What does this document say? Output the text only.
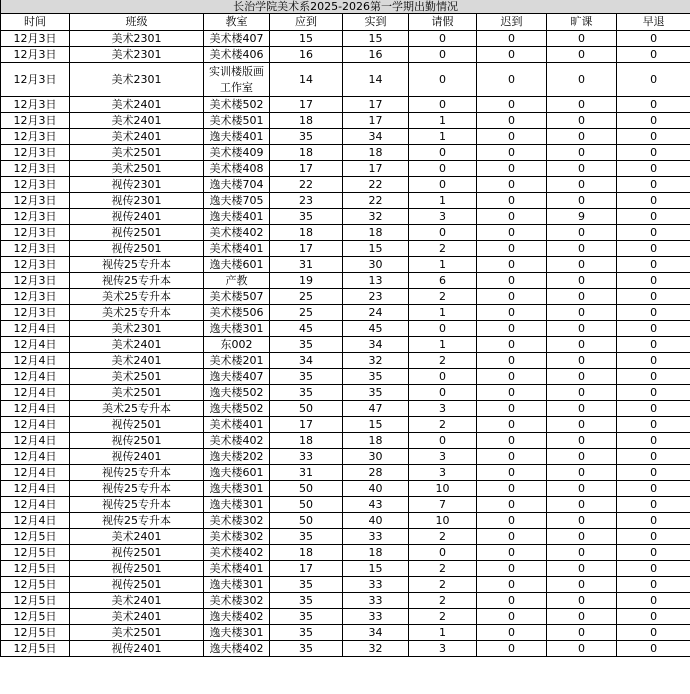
长治学院美术系2025-2026第一学期出勤情况								
时间	班级	教室	应到	实到	请假	迟到	旷课	早退
12月3日	美术2301	美术楼407	15	15	0	0	0	0
12月3日	美术2301	美术楼406	16	16	0	0	0	0
12月3日	美术2301	实训楼版画工作室	14	14	0	0	0	0
12月3日	美术2401	美术楼502	17	17	0	0	0	0
12月3日	美术2401	美术楼501	18	17	1	0	0	0
12月3日	美术2401	逸夫楼401	35	34	1	0	0	0
12月3日	美术2501	美术楼409	18	18	0	0	0	0
12月3日	美术2501	美术楼408	17	17	0	0	0	0
12月3日	视传2301	逸夫楼704	22	22	0	0	0	0
12月3日	视传2301	逸夫楼705	23	22	1	0	0	0
12月3日	视传2401	逸夫楼401	35	32	3	0	9	0
12月3日	视传2501	美术楼402	18	18	0	0	0	0
12月3日	视传2501	美术楼401	17	15	2	0	0	0
12月3日	视传25专升本	逸夫楼601	31	30	1	0	0	0
12月3日	视传25专升本	产教	19	13	6	0	0	0
12月3日	美术25专升本	美术楼507	25	23	2	0	0	0
12月3日	美术25专升本	美术楼506	25	24	1	0	0	0
12月4日	美术2301	逸夫楼301	45	45	0	0	0	0
12月4日	美术2401	东002	35	34	1	0	0	0
12月4日	美术2401	美术楼201	34	32	2	0	0	0
12月4日	美术2501	逸夫楼407	35	35	0	0	0	0
12月4日	美术2501	逸夫楼502	35	35	0	0	0	0
12月4日	美术25专升本	逸夫楼502	50	47	3	0	0	0
12月4日	视传2501	美术楼401	17	15	2	0	0	0
12月4日	视传2501	美术楼402	18	18	0	0	0	0
12月4日	视传2401	逸夫楼202	33	30	3	0	0	0
12月4日	视传25专升本	逸夫楼601	31	28	3	0	0	0
12月4日	视传25专升本	逸夫楼301	50	40	10	0	0	0
12月4日	视传25专升本	逸夫楼301	50	43	7	0	0	0
12月4日	视传25专升本	美术楼302	50	40	10	0	0	0
12月5日	美术2401	美术楼302	35	33	2	0	0	0
12月5日	视传2501	美术楼402	18	18	0	0	0	0
12月5日	视传2501	美术楼401	17	15	2	0	0	0
12月5日	视传2501	逸夫楼301	35	33	2	0	0	0
12月5日	美术2401	美术楼302	35	33	2	0	0	0
12月5日	美术2401	逸夫楼402	35	33	2	0	0	0
12月5日	美术2501	逸夫楼301	35	34	1	0	0	0
12月5日	视传2401	逸夫楼402	35	32	3	0	0	0
